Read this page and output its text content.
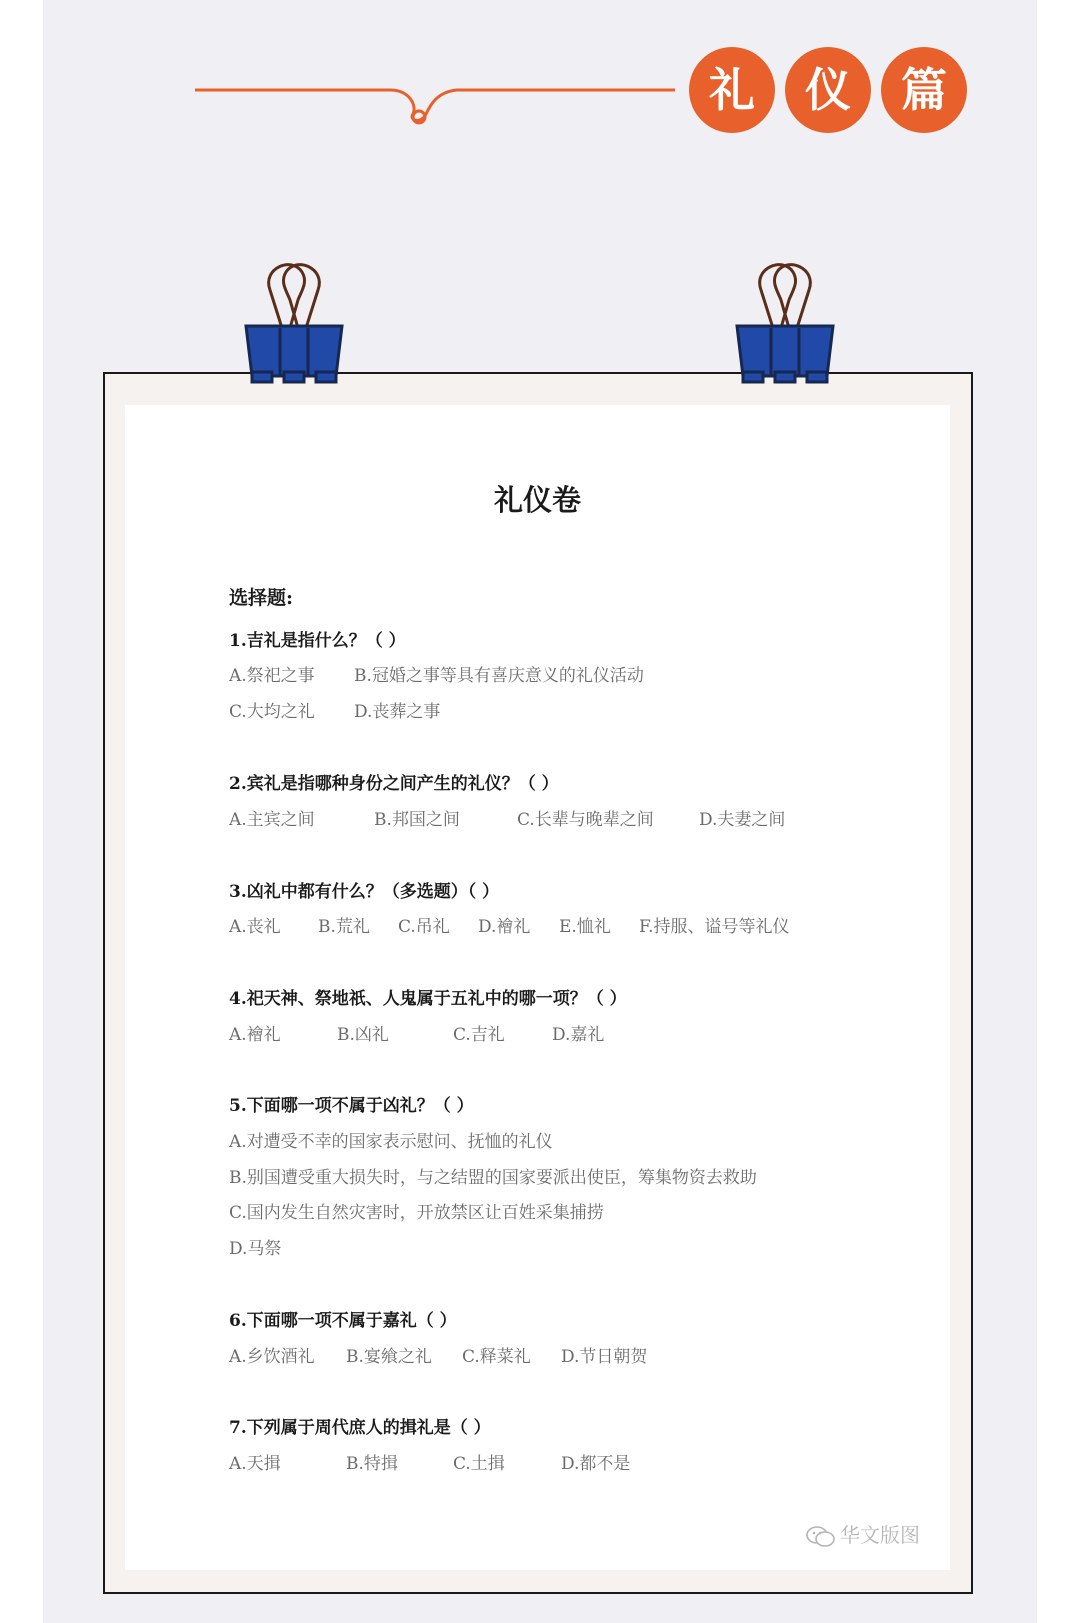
礼	仪	篇
礼仪卷
选择题:
1.吉礼是指什么？（ ）
A.祭祀之事 B.冠婚之事等具有喜庆意义的礼仪活动
C.大均之礼 D.丧葬之事
2.宾礼是指哪种身份之间产生的礼仪？（ ）
A.主宾之间	B.邦国之间	C.长辈与晚辈之间	D.夫妻之间
3.凶礼中都有什么？（多选题）（ ）
A.丧礼 B.荒礼 C.吊礼 D.襘礼 E.恤礼 F.持服、谥号等礼仪
4.祀天神、祭地祇、人鬼属于五礼中的哪一项？（ ）
A.襘礼	B.凶礼	C.吉礼	D.嘉礼
5.下面哪一项不属于凶礼？（ ）
A.对遭受不幸的国家表示慰问、抚恤的礼仪
B.别国遭受重大损失时，与之结盟的国家要派出使臣，筹集物资去救助
C.国内发生自然灾害时，开放禁区让百姓采集捕捞
D.马祭
6.下面哪一项不属于嘉礼（ ）
A.乡饮酒礼 B.宴飨之礼 C.释菜礼 D.节日朝贺
7.下列属于周代庶人的揖礼是（ ）
A.天揖	B.特揖	C.土揖	D.都不是
华文版图
